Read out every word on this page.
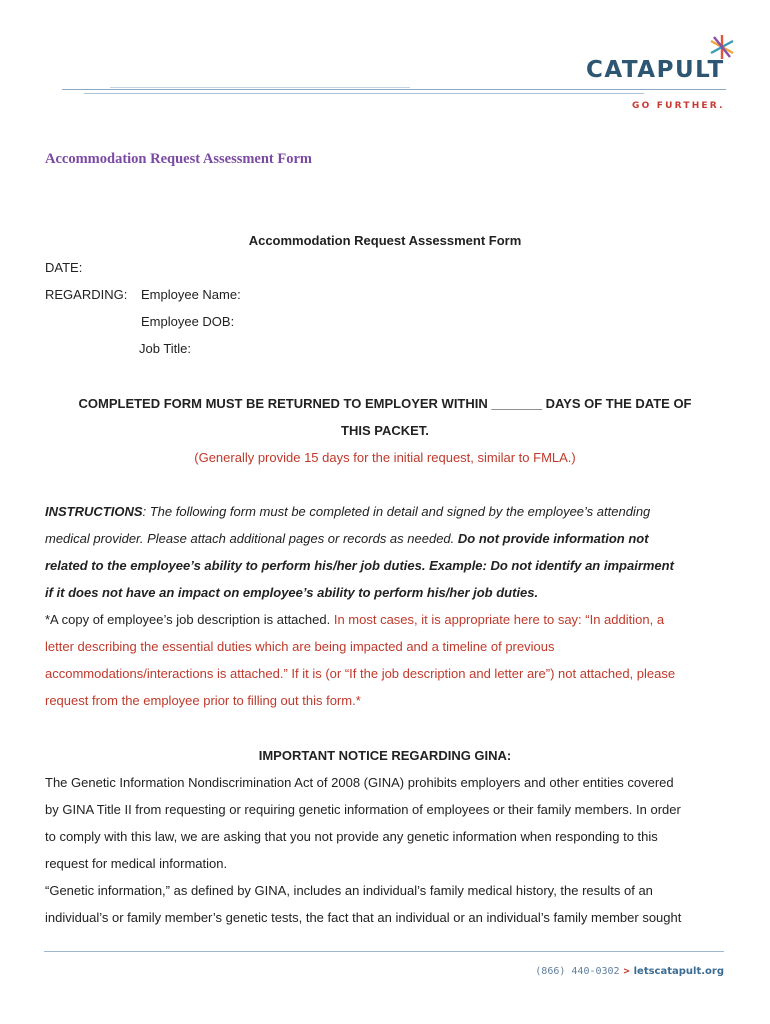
CATAPULT
GO FURTHER.
Accommodation Request Assessment Form
Accommodation Request Assessment Form
DATE:
REGARDING: Employee Name:
Employee DOB:
Job Title:
COMPLETED FORM MUST BE RETURNED TO EMPLOYER WITHIN _______ DAYS OF THE DATE OF
THIS PACKET.
(Generally provide 15 days for the initial request, similar to FMLA.)
INSTRUCTIONS: The following form must be completed in detail and signed by the employee’s attending
medical provider. Please attach additional pages or records as needed. Do not provide information not
related to the employee’s ability to perform his/her job duties. Example: Do not identify an impairment
if it does not have an impact on employee’s ability to perform his/her job duties.
*A copy of employee’s job description is attached. In most cases, it is appropriate here to say: “In addition, a
letter describing the essential duties which are being impacted and a timeline of previous
accommodations/interactions is attached.” If it is (or “If the job description and letter are”) not attached, please
request from the employee prior to filling out this form.*
IMPORTANT NOTICE REGARDING GINA:
The Genetic Information Nondiscrimination Act of 2008 (GINA) prohibits employers and other entities covered
by GINA Title II from requesting or requiring genetic information of employees or their family members. In order
to comply with this law, we are asking that you not provide any genetic information when responding to this
request for medical information.
“Genetic information,” as defined by GINA, includes an individual’s family medical history, the results of an
individual’s or family member’s genetic tests, the fact that an individual or an individual’s family member sought
(866) 440-0302 > letscatapult.org
